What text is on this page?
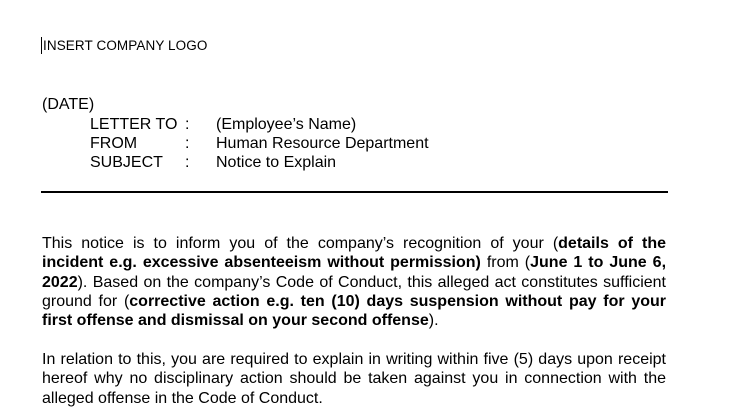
INSERT COMPANY LOGO
(DATE)
LETTER TO : (Employee’s Name)
FROM	: Human Resource Department
SUBJECT : Notice to Explain
This notice is to inform you of the company’s recognition of your (details of the incident e.g. excessive absenteeism without permission) from (June 1 to June 6, 2022). Based on the company’s Code of Conduct, this alleged act constitutes sufficient ground for (corrective action e.g. ten (10) days suspension without pay for your first offense and dismissal on your second offense).
In relation to this, you are required to explain in writing within five (5) days upon receipt hereof why no disciplinary action should be taken against you in connection with the alleged offense in the Code of Conduct.
